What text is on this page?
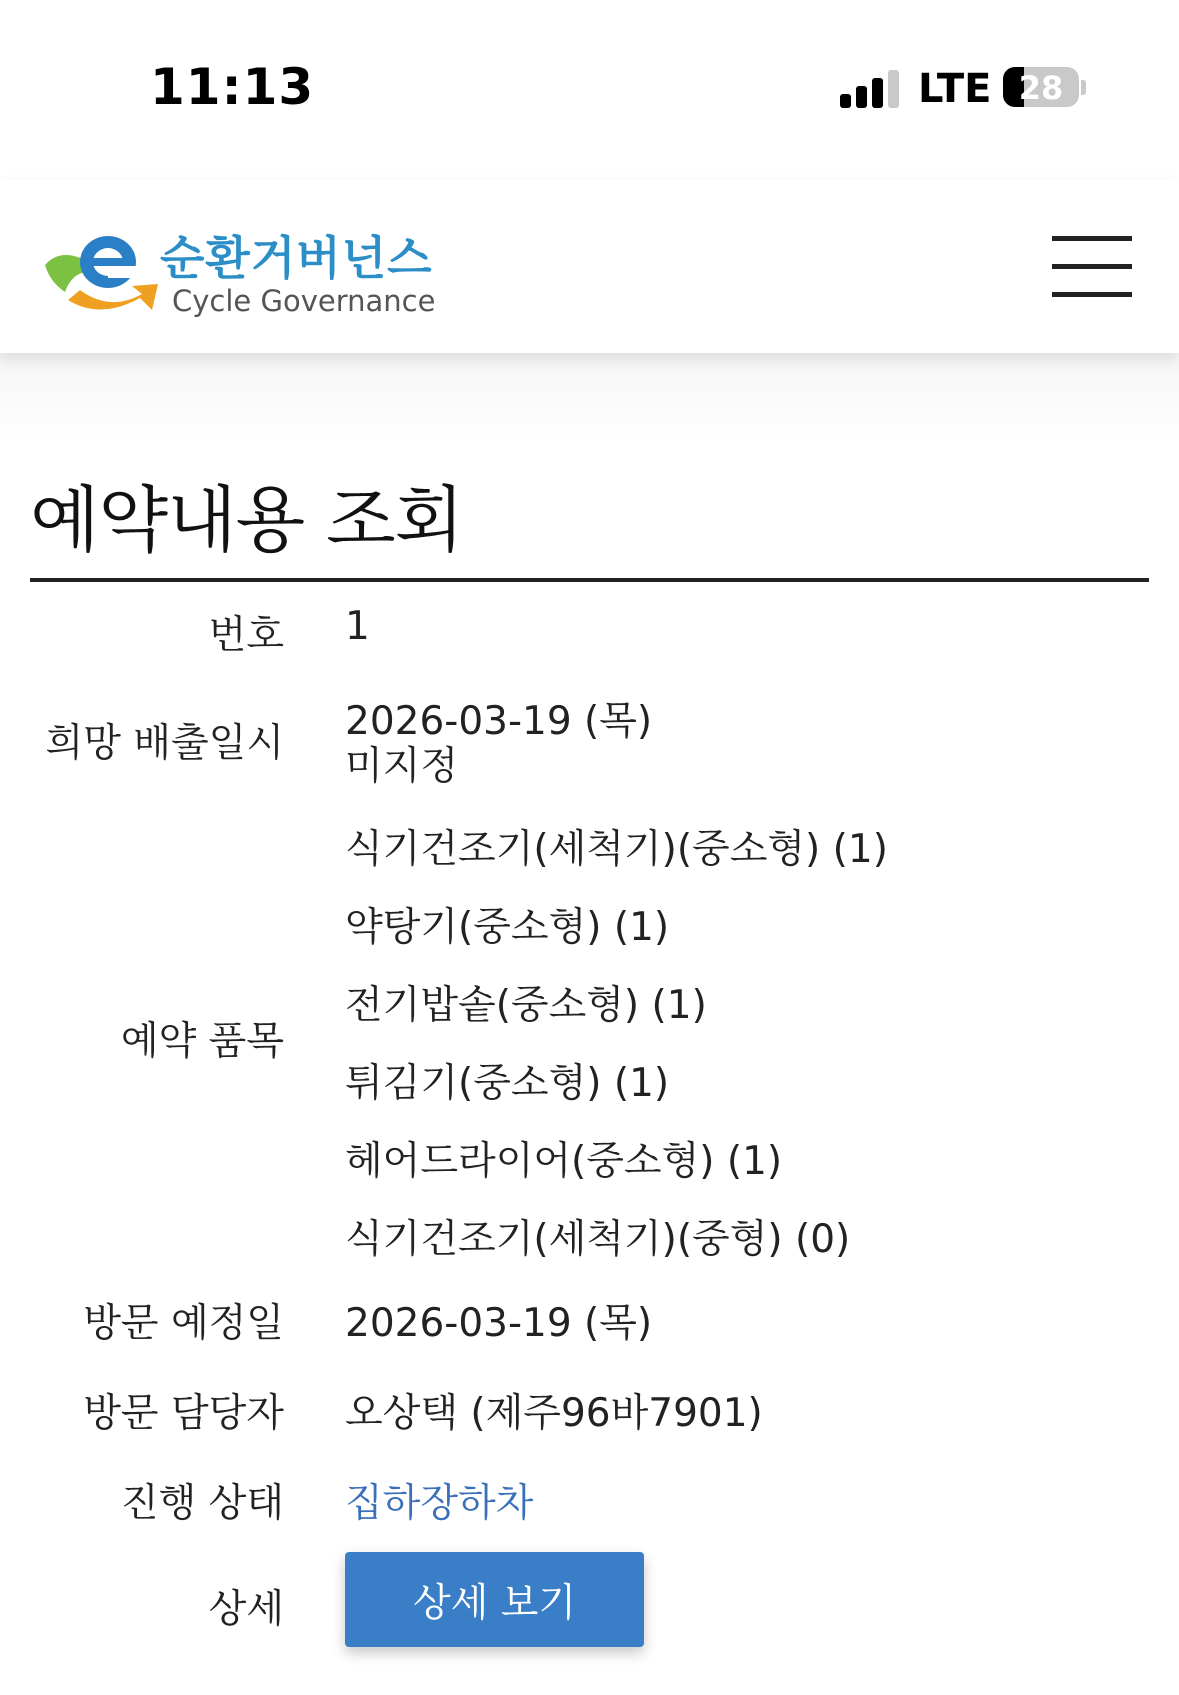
11:13	LTE 28
순환거버넌스
Cycle Governance
예약내용 조회
번호 1
희망 배출일시 2026-03-19 (목)
미지정
예약 품목
식기건조기(세척기)(중소형) (1)
약탕기(중소형) (1)
전기밥솥(중소형) (1)
튀김기(중소형) (1)
헤어드라이어(중소형) (1)
식기건조기(세척기)(중형) (0)
방문 예정일 2026-03-19 (목)
방문 담당자 오상택 (제주96바7901)
진행 상태 집하장하차
상세	상세 보기
